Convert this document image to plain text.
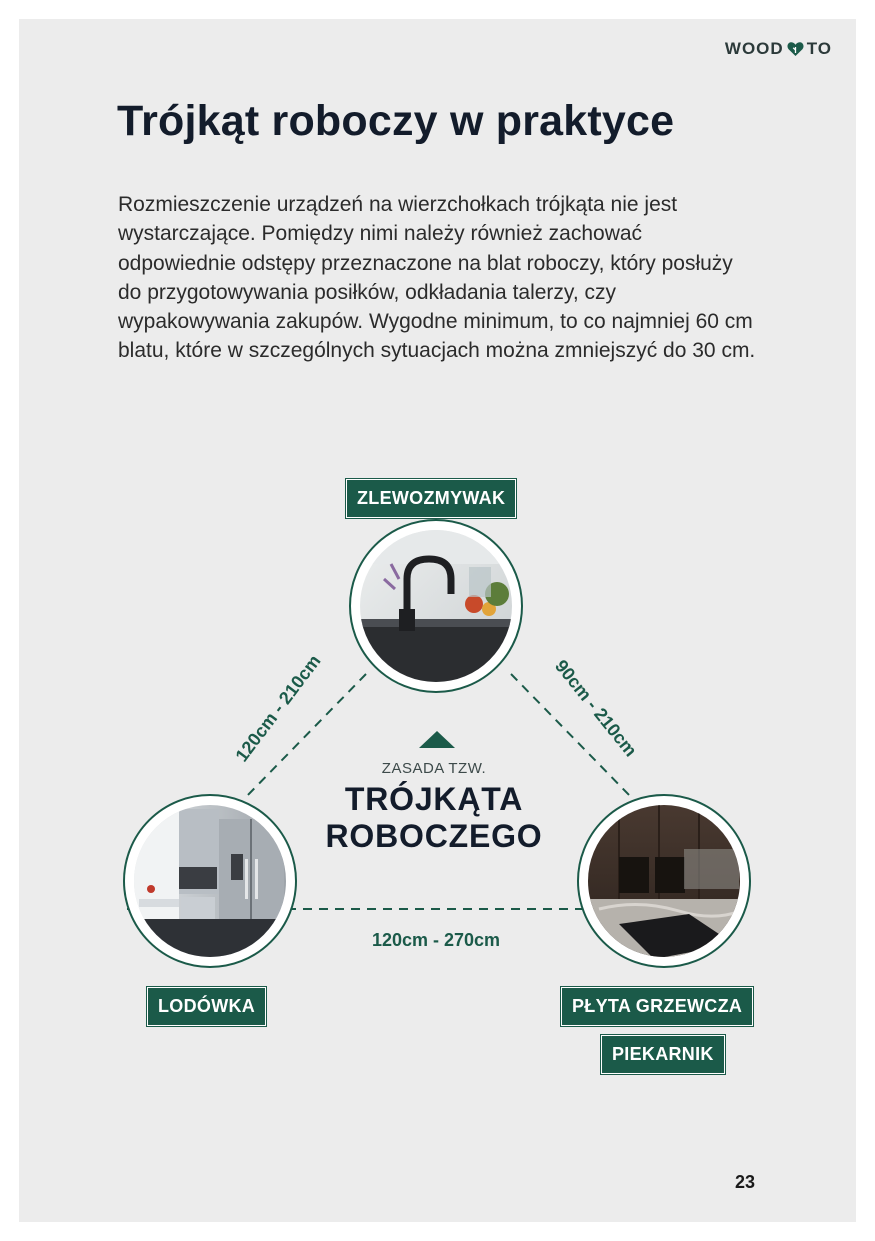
WOOD TO
Trójkąt roboczy w praktyce

Rozmieszczenie urządzeń na wierzchołkach trójkąta nie jest wystarczające. Pomiędzy nimi należy również zachować odpowiednie odstępy przeznaczone na blat roboczy, który posłuży do przygotowywania posiłków, odkładania talerzy, czy wypakowywania zakupów. Wygodne minimum, to co najmniej 60 cm blatu, które w szczególnych sytuacjach można zmniejszyć do 30 cm.

120cm - 210cm	90cm - 210cm
120cm - 270cm
ZLEWOZMYWAK
LODÓWKA	PŁYTA GRZEWCZA
PIEKARNIK
ZASADA TZW.
TRÓJKĄTA ROBOCZEGO
23
